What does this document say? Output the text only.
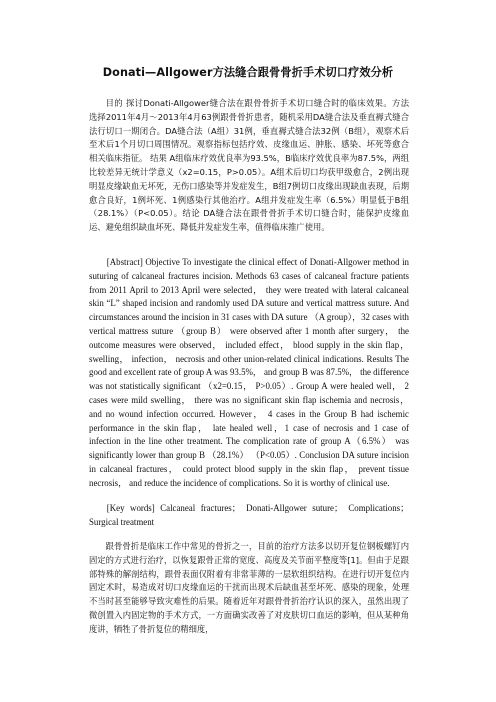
Donati—Allgower方法缝合跟骨骨折手术切口疗效分析

目的 探讨Donati-Allgower缝合法在跟骨骨折手术切口缝合时的临床效果。方法 选择2011年4月～2013年4月63例跟骨骨折患者，随机采用DA缝合法及垂直褥式缝合法行切口一期闭合。DA缝合法（A组）31例，垂直褥式缝合法32例（B组），观察术后至术后1个月切口周围情况。观察指标包括疗效、皮缘血运、肿胀、感染、坏死等愈合相关临床指征。 结果 A组临床疗效优良率为93.5%，B临床疗效优良率为87.5%，两组比较差异无统计学意义（x2=0.15，P>0.05）。A组术后切口均获甲级愈合，2例出现明显皮缘缺血无坏死，无伤口感染等并发症发生，B组7例切口皮缘出现缺血表现，后期愈合良好，1例坏死、1例感染行其他治疗。A组并发症发生率（6.5%）明显低于B组（28.1%）（P<0.05）。结论 DA缝合法在跟骨骨折手术切口缝合时，能保护皮缘血运、避免组织缺血坏死、降低并发症发生率，值得临床推广使用。

[Abstract] Objective To investigate the clinical effect of Donati-Allgower method in suturing of calcaneal fractures incision. Methods 63 cases of calcaneal fracture patients from 2011 April to 2013 April were selected， they were treated with lateral calcaneal skin “L” shaped incision and randomly used DA suture and vertical mattress suture. And circumstances around the incision in 31 cases with DA suture （A group），32 cases with vertical mattress suture （group B） were observed after 1 month after surgery， the outcome measures were observed， included effect， blood supply in the skin flap， swelling， infection， necrosis and other union-related clinical indications. Results The good and excellent rate of group A was 93.5%， and group B was 87.5%， the difference was not statistically significant （x2=0.15， P>0.05）. Group A were healed well， 2 cases were mild swelling， there was no significant skin flap ischemia and necrosis， and no wound infection occurred. However， 4 cases in the Group B had ischemic performance in the skin flap， late healed well，1 case of necrosis and 1 case of infection in the line other treatment. The complication rate of group A（6.5%） was significantly lower than group B （28.1%） （P<0.05）. Conclusion DA suture incision in calcaneal fractures， could protect blood supply in the skin flap， prevent tissue necrosis， and reduce the incidence of complications. So it is worthy of clinical use.

[Key words] Calcaneal fractures； Donati-Allgower suture； Complications； Surgical treatment

跟骨骨折是临床工作中常见的骨折之一，目前的治疗方法多以切开复位钢板螺钉内固定的方式进行治疗，以恢复跟骨正常的宽度、高度及关节面平整度等[1]。但由于足跟部特殊的解剖结构，跟骨表面仅附着有非常菲薄的一层软组织结构。在进行切开复位内固定术时，易造成对切口皮缘血运的干扰而出现术后缺血甚至坏死、感染的现象，处理不当时甚至能够导致灾难性的后果。随着近年对跟骨骨折治疗认识的深入，虽然出现了微创置入内固定物的手术方式，一方面确实改善了对皮肤切口血运的影响，但从某种角度讲，牺牲了骨折复位的精细度，
